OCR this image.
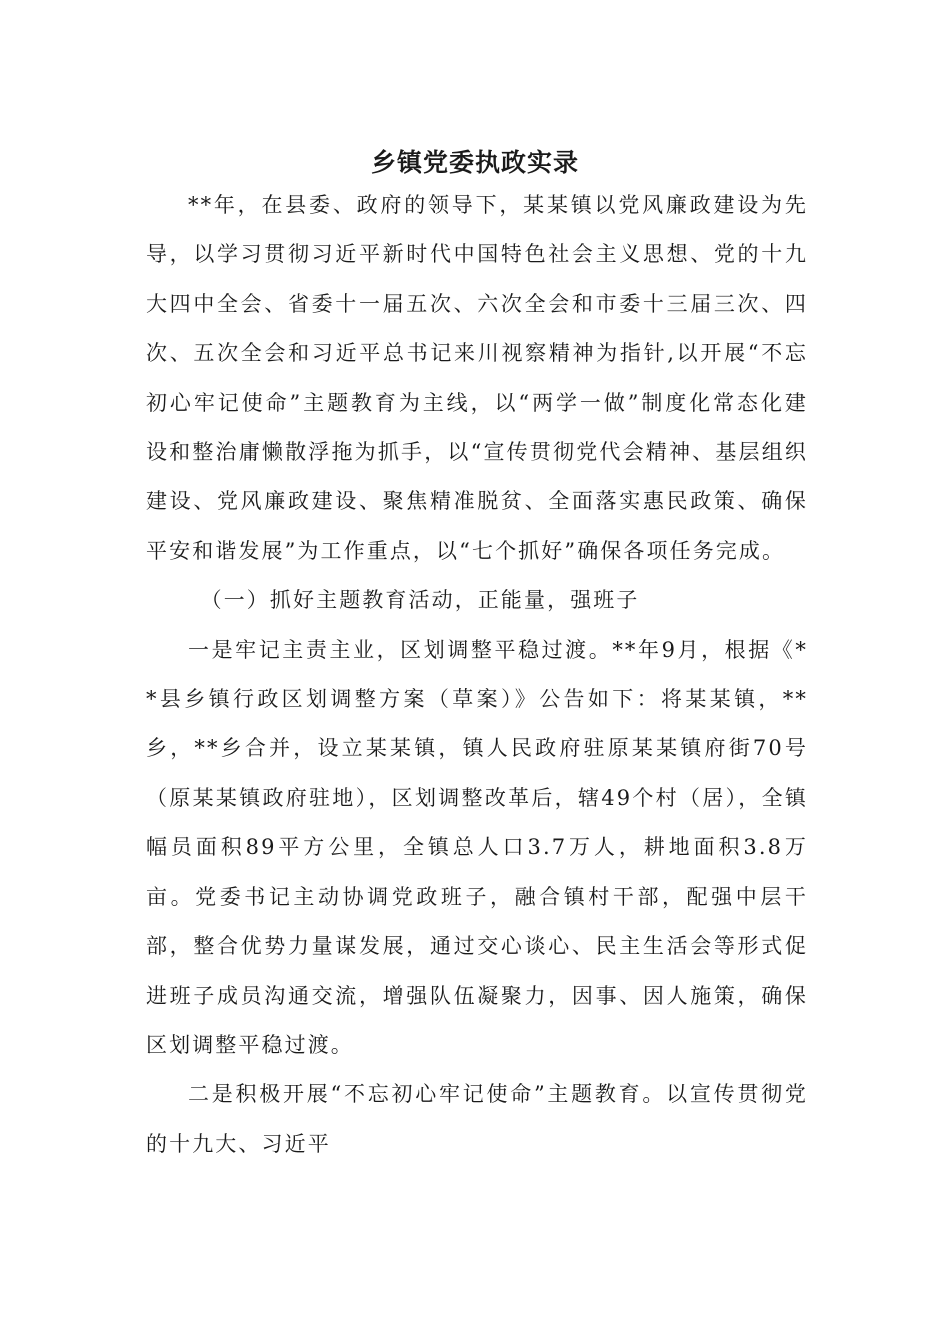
乡镇党委执政实录

**年，在县委、政府的领导下，某某镇以党风廉政建设为先导，以学习贯彻习近平新时代中国特色社会主义思想、党的十九大四中全会、省委十一届五次、六次全会和市委十三届三次、四次、五次全会和习近平总书记来川视察精神为指针,以开展“不忘初心牢记使命”主题教育为主线，以“两学一做”制度化常态化建设和整治庸懒散浮拖为抓手，以“宣传贯彻党代会精神、基层组织建设、党风廉政建设、聚焦精准脱贫、全面落实惠民政策、确保平安和谐发展”为工作重点，以“七个抓好”确保各项任务完成。

（一）抓好主题教育活动，正能量，强班子

一是牢记主责主业，区划调整平稳过渡。**年9月，根据《**县乡镇行政区划调整方案（草案）》公告如下：将某某镇，**乡，**乡合并，设立某某镇，镇人民政府驻原某某镇府街70号（原某某镇政府驻地），区划调整改革后，辖49个村（居），全镇幅员面积89平方公里，全镇总人口3.7万人，耕地面积3.8万亩。党委书记主动协调党政班子，融合镇村干部，配强中层干部，整合优势力量谋发展，通过交心谈心、民主生活会等形式促进班子成员沟通交流，增强队伍凝聚力，因事、因人施策，确保区划调整平稳过渡。

二是积极开展“不忘初心牢记使命”主题教育。以宣传贯彻党的十九大、习近平
